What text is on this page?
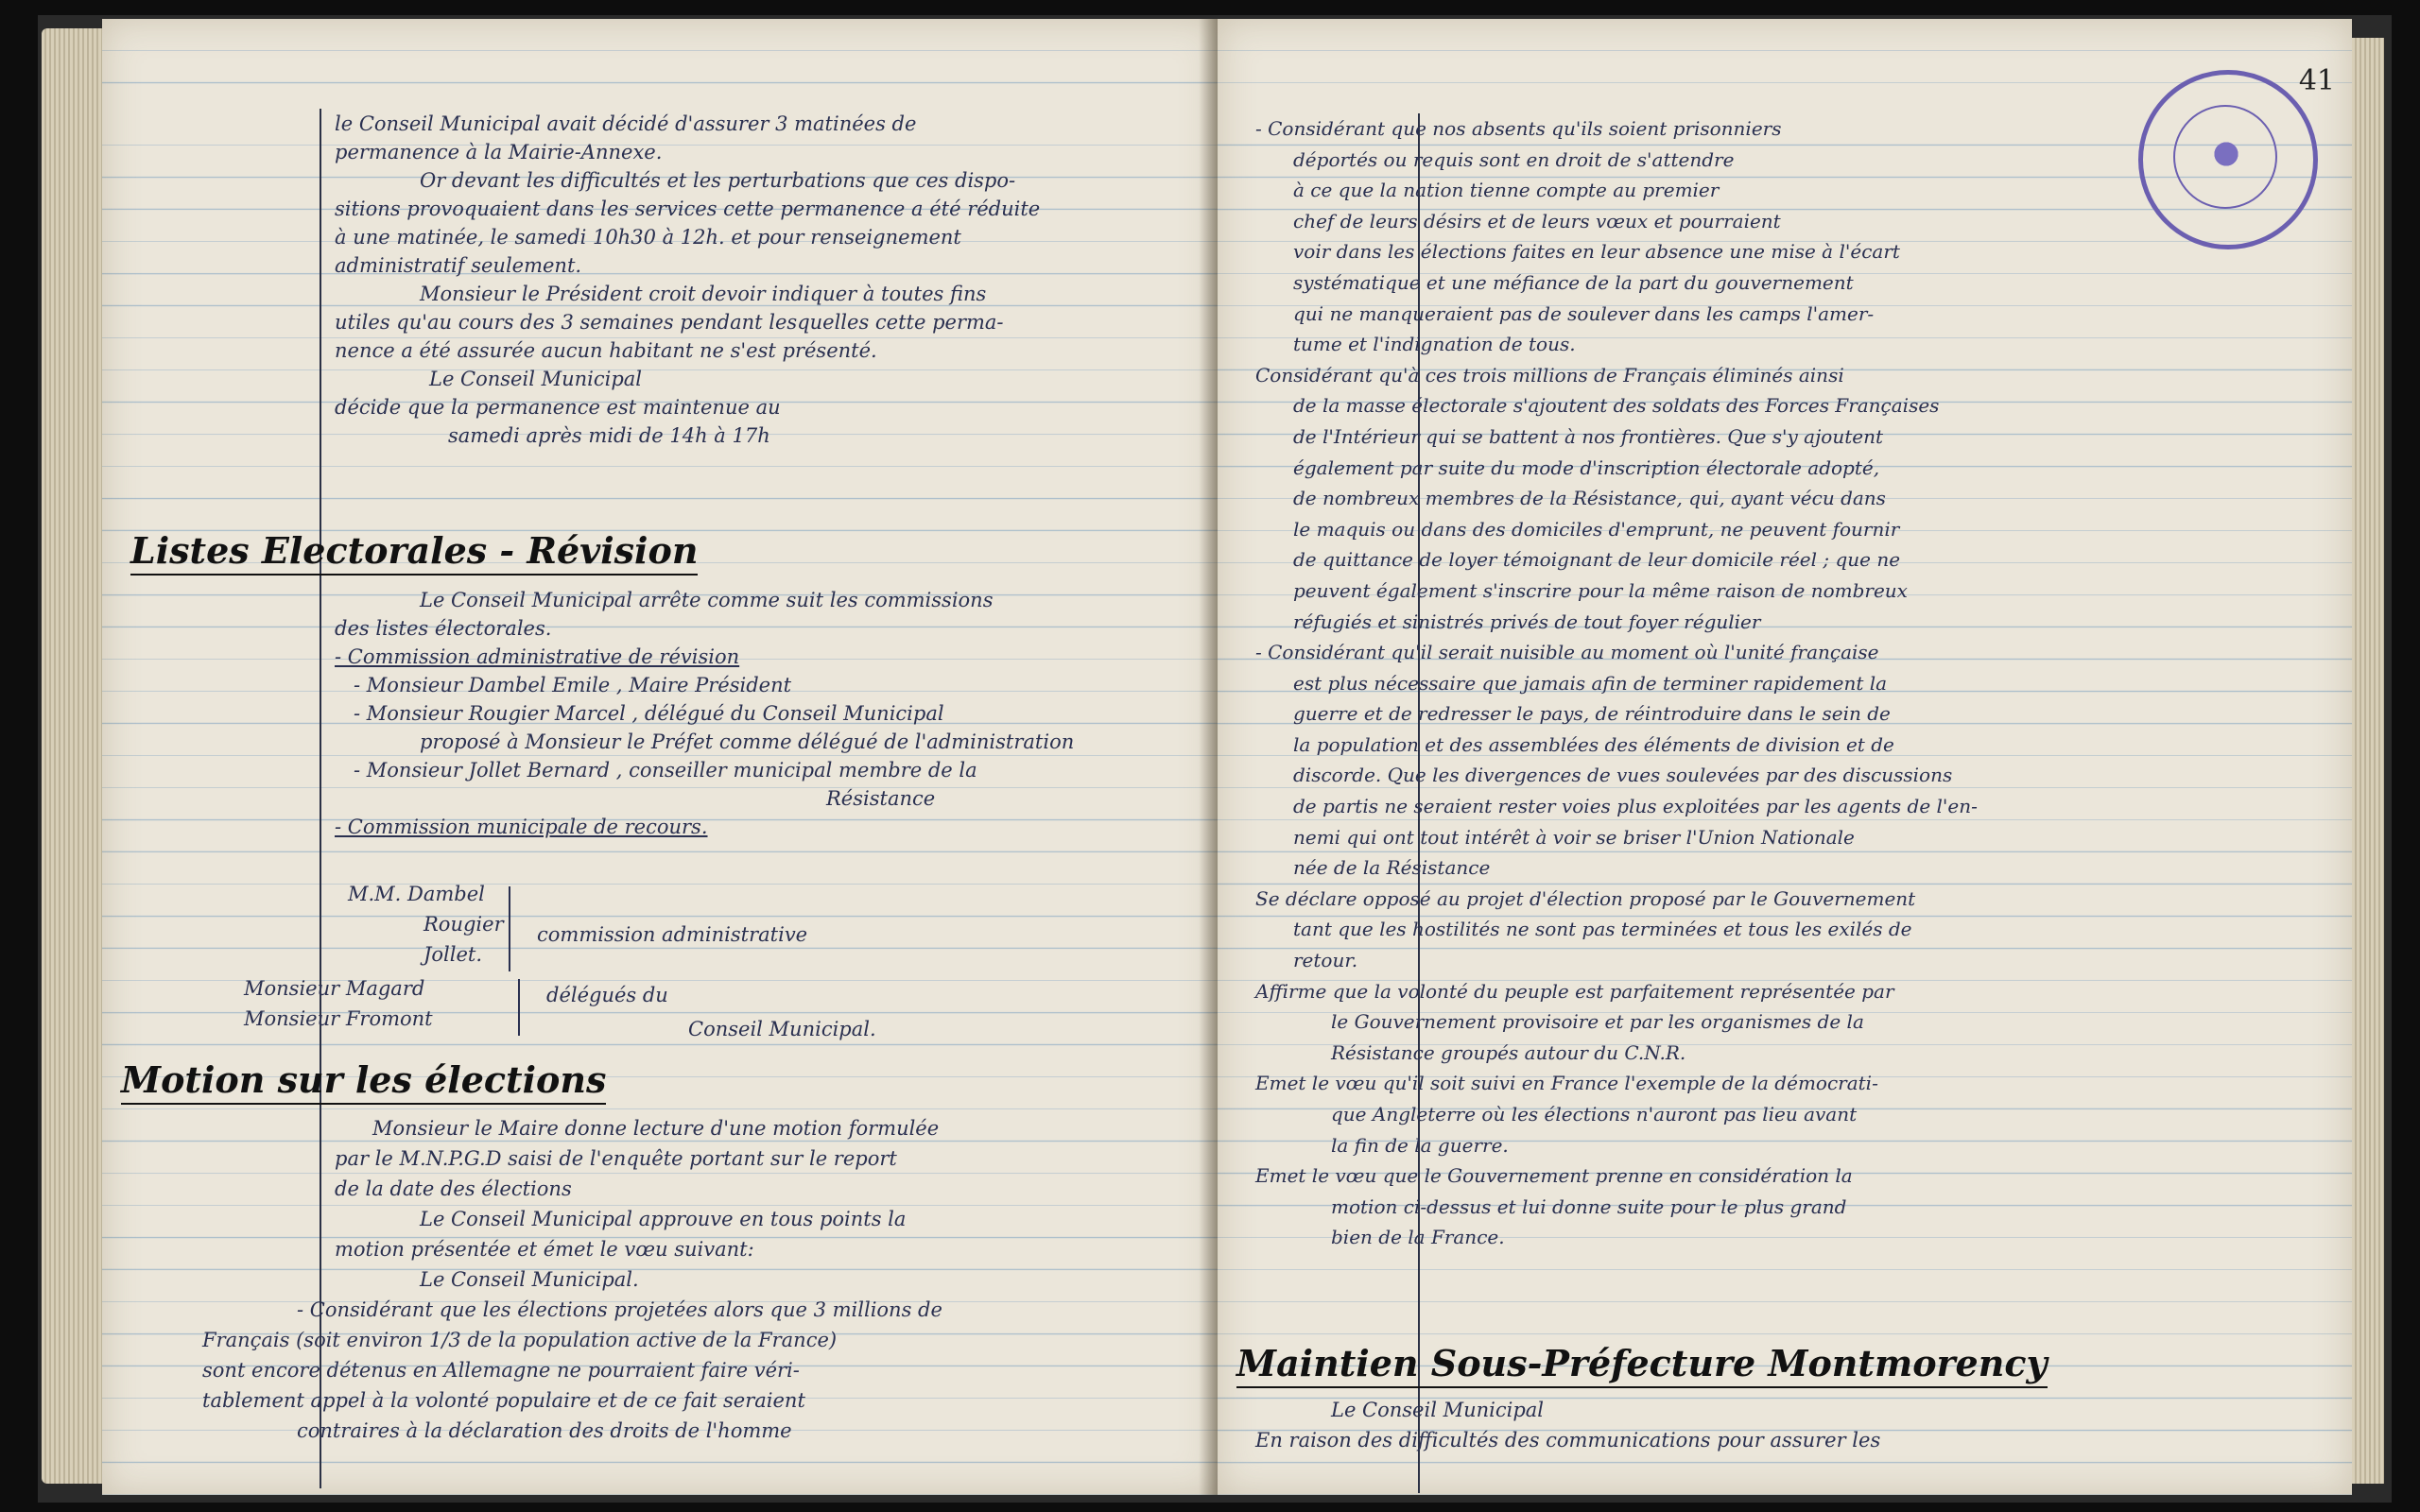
le Conseil Municipal avait décidé d'assurer 3 matinées de
permanence à la Mairie-Annexe.
Or devant les difficultés et les perturbations que ces dispo-
sitions provoquaient dans les services cette permanence a été réduite
à une matinée, le samedi 10h30 à 12h. et pour renseignement
administratif seulement.
Monsieur le Président croit devoir indiquer à toutes fins
utiles qu'au cours des 3 semaines pendant lesquelles cette perma-
nence a été assurée aucun habitant ne s'est présenté.
Le Conseil Municipal
décide que la permanence est maintenue au
samedi après midi de 14h à 17h
Listes Electorales - Révision
Le Conseil Municipal arrête comme suit les commissions
des listes électorales.
- Commission administrative de révision
- Monsieur Dambel Emile , Maire Président
- Monsieur Rougier Marcel , délégué du Conseil Municipal
proposé à Monsieur le Préfet comme délégué de l'administration
- Monsieur Jollet Bernard , conseiller municipal membre de la
Résistance
- Commission municipale de recours.
M.M. Dambel
Rougier
Jollet.
commission administrative
Monsieur Magard
Monsieur Fromont
délégués du
Conseil Municipal.
Motion sur les élections
Monsieur le Maire donne lecture d'une motion formulée
par le M.N.P.G.D saisi de l'enquête portant sur le report
de la date des élections
Le Conseil Municipal approuve en tous points la
motion présentée et émet le vœu suivant:
Le Conseil Municipal.
- Considérant que les élections projetées alors que 3 millions de
Français (soit environ 1/3 de la population active de la France)
sont encore détenus en Allemagne ne pourraient faire véri-
tablement appel à la volonté populaire et de ce fait seraient
contraires à la déclaration des droits de l'homme
41
- Considérant que nos absents qu'ils soient prisonniers
déportés ou requis sont en droit de s'attendre
à ce que la nation tienne compte au premier
chef de leurs désirs et de leurs vœux et pourraient
voir dans les élections faites en leur absence une mise à l'écart
systématique et une méfiance de la part du gouvernement
qui ne manqueraient pas de soulever dans les camps l'amer-
tume et l'indignation de tous.
Considérant qu'à ces trois millions de Français éliminés ainsi
de la masse électorale s'ajoutent des soldats des Forces Françaises
de l'Intérieur qui se battent à nos frontières. Que s'y ajoutent
également par suite du mode d'inscription électorale adopté,
de nombreux membres de la Résistance, qui, ayant vécu dans
le maquis ou dans des domiciles d'emprunt, ne peuvent fournir
de quittance de loyer témoignant de leur domicile réel ; que ne
peuvent également s'inscrire pour la même raison de nombreux
réfugiés et sinistrés privés de tout foyer régulier
- Considérant qu'il serait nuisible au moment où l'unité française
est plus nécessaire que jamais afin de terminer rapidement la
guerre et de redresser le pays, de réintroduire dans le sein de
la population et des assemblées des éléments de division et de
discorde. Que les divergences de vues soulevées par des discussions
de partis ne seraient rester voies plus exploitées par les agents de l'en-
nemi qui ont tout intérêt à voir se briser l'Union Nationale
née de la Résistance
Se déclare opposé au projet d'élection proposé par le Gouvernement
tant que les hostilités ne sont pas terminées et tous les exilés de
retour.
Affirme que la volonté du peuple est parfaitement représentée par
le Gouvernement provisoire et par les organismes de la
Résistance groupés autour du C.N.R.
Emet le vœu qu'il soit suivi en France l'exemple de la démocrati-
que Angleterre où les élections n'auront pas lieu avant
la fin de la guerre.
Emet le vœu que le Gouvernement prenne en considération la
motion ci-dessus et lui donne suite pour le plus grand
bien de la France.
Maintien Sous-Préfecture Montmorency
Le Conseil Municipal
En raison des difficultés des communications pour assurer les
